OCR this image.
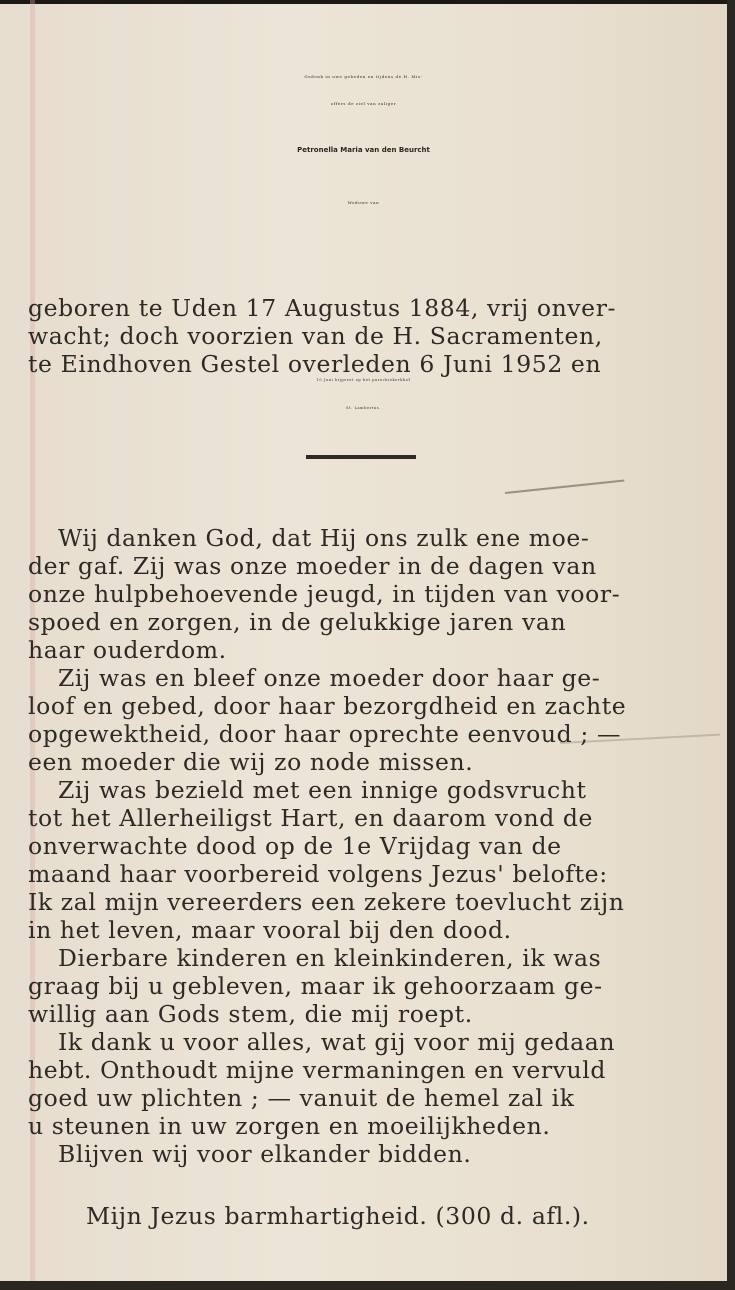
Gedenk in uwe gebeden en tijdens de H. Mis-
offers de ziel van zaliger
Petronella Maria van den Beurcht
Weduwe van
geboren te Uden 17 Augustus 1884, vrij onver-
wacht; doch voorzien van de H. Sacramenten,
te Eindhoven Gestel overleden 6 Juni 1952 en
10 Juni bijgezet op het parochiekerkhof
St. Lambertus.
Wij danken God, dat Hij ons zulk ene moe-
der gaf. Zij was onze moeder in de dagen van
onze hulpbehoevende jeugd, in tijden van voor-
spoed en zorgen, in de gelukkige jaren van
haar ouderdom.
Zij was en bleef onze moeder door haar ge-
loof en gebed, door haar bezorgdheid en zachte
opgewektheid, door haar oprechte eenvoud ; —
een moeder die wij zo node missen.
Zij was bezield met een innige godsvrucht
tot het Allerheiligst Hart, en daarom vond de
onverwachte dood op de 1e Vrijdag van de
maand haar voorbereid volgens Jezus' belofte:
Ik zal mijn vereerders een zekere toevlucht zijn
in het leven, maar vooral bij den dood.
Dierbare kinderen en kleinkinderen, ik was
graag bij u gebleven, maar ik gehoorzaam ge-
willig aan Gods stem, die mij roept.
Ik dank u voor alles, wat gij voor mij gedaan
hebt. Onthoudt mijne vermaningen en vervuld
goed uw plichten ; — vanuit de hemel zal ik
u steunen in uw zorgen en moeilijkheden.
Blijven wij voor elkander bidden.
Mijn Jezus barmhartigheid. (300 d. afl.).
